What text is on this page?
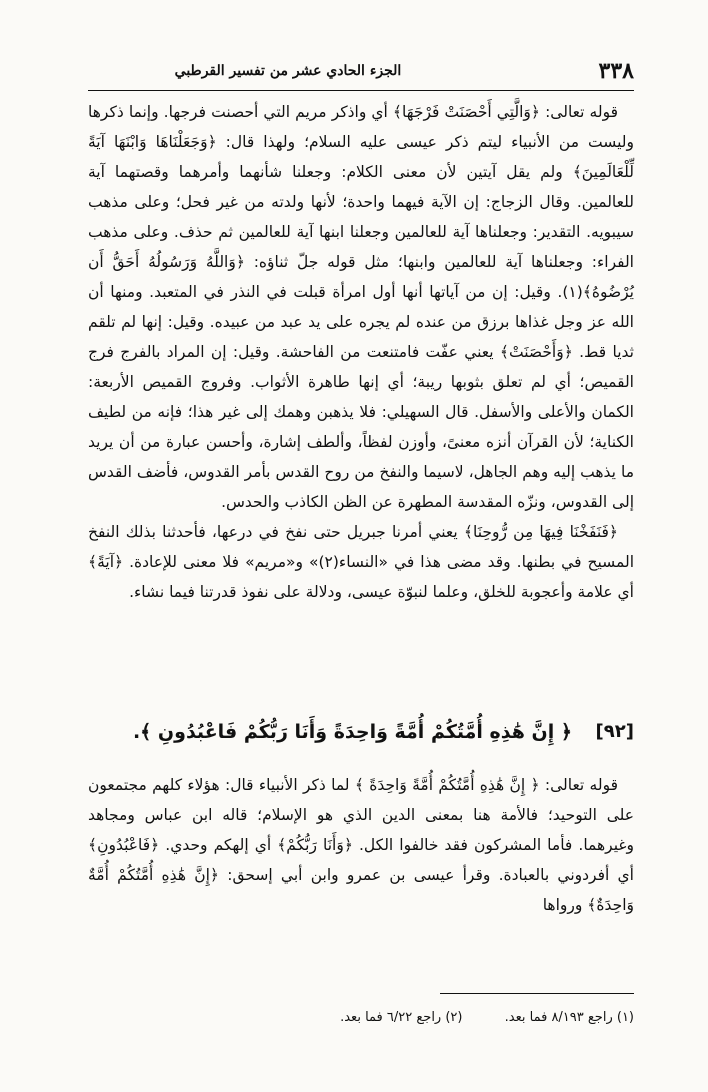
٣٣٨
الجزء الحادي عشر من تفسير القرطبي

قوله تعالى: ﴿وَالَّتِي أَحْصَنَتْ فَرْجَهَا﴾ أي واذكر مريم التي أحصنت فرجها. وإنما ذكرها وليست من الأنبياء ليتم ذكر عيسى عليه السلام؛ ولهذا قال: ﴿وَجَعَلْنَاهَا وَابْنَهَا آيَةً لِّلْعَالَمِينَ﴾ ولم يقل آيتين لأن معنى الكلام: وجعلنا شأنهما وأمرهما وقصتهما آية للعالمين. وقال الزجاج: إن الآية فيهما واحدة؛ لأنها ولدته من غير فحل؛ وعلى مذهب سيبويه. التقدير: وجعلناها آية للعالمين وجعلنا ابنها آية للعالمين ثم حذف. وعلى مذهب الفراء: وجعلناها آية للعالمين وابنها؛ مثل قوله جلّ ثناؤه: ﴿وَاللَّهُ وَرَسُولُهُ أَحَقُّ أَن يُرْضُوهُ﴾(١). وقيل: إن من آياتها أنها أول امرأة قبلت في النذر في المتعبد. ومنها أن الله عز وجل غذاها برزق من عنده لم يجره على يد عبد من عبيده. وقيل: إنها لم تلقم ثديا قط. ﴿وَأَحْصَنَتْ﴾ يعني عفّت فامتنعت من الفاحشة. وقيل: إن المراد بالفرج فرج القميص؛ أي لم تعلق بثوبها ريبة؛ أي إنها طاهرة الأثواب. وفروج القميص الأربعة: الكمان والأعلى والأسفل. قال السهيلي: فلا يذهبن وهمك إلى غير هذا؛ فإنه من لطيف الكناية؛ لأن القرآن أنزه معنىً، وأوزن لفظاً، وألطف إشارة، وأحسن عبارة من أن يريد ما يذهب إليه وهم الجاهل، لاسيما والنفخ من روح القدس بأمر القدوس، فأضف القدس إلى القدوس، ونزّه المقدسة المطهرة عن الظن الكاذب والحدس.

﴿فَنَفَخْنَا فِيهَا مِن رُّوحِنَا﴾ يعني أمرنا جبريل حتى نفخ في درعها، فأحدثنا بذلك النفخ المسيح في بطنها. وقد مضى هذا في «النساء(٢)» و«مريم» فلا معنى للإعادة. ﴿آيَةً﴾ أي علامة وأعجوبة للخلق، وعلما لنبوّة عيسى، ودلالة على نفوذ قدرتنا فيما نشاء.

[٩٢]
﴿ إِنَّ هَٰذِهِ أُمَّتُكُمْ أُمَّةً وَاحِدَةً وَأَنَا رَبُّكُمْ فَاعْبُدُونِ ﴾.

قوله تعالى: ﴿ إِنَّ هَٰذِهِ أُمَّتُكُمْ أُمَّةً وَاحِدَةً ﴾ لما ذكر الأنبياء قال: هؤلاء كلهم مجتمعون على التوحيد؛ فالأمة هنا بمعنى الدين الذي هو الإسلام؛ قاله ابن عباس ومجاهد وغيرهما. فأما المشركون فقد خالفوا الكل. ﴿وَأَنَا رَبُّكُمْ﴾ أي إلهكم وحدي. ﴿فَاعْبُدُونِ﴾ أي أفردوني بالعبادة. وقرأ عيسى بن عمرو وابن أبي إسحق: ﴿إِنَّ هَٰذِهِ أُمَّتُكُمْ أُمَّةٌ وَاحِدَةٌ﴾ ورواها

(١) راجع ٨/١٩٣ فما بعد. (٢) راجع ٦/٢٢ فما بعد.
